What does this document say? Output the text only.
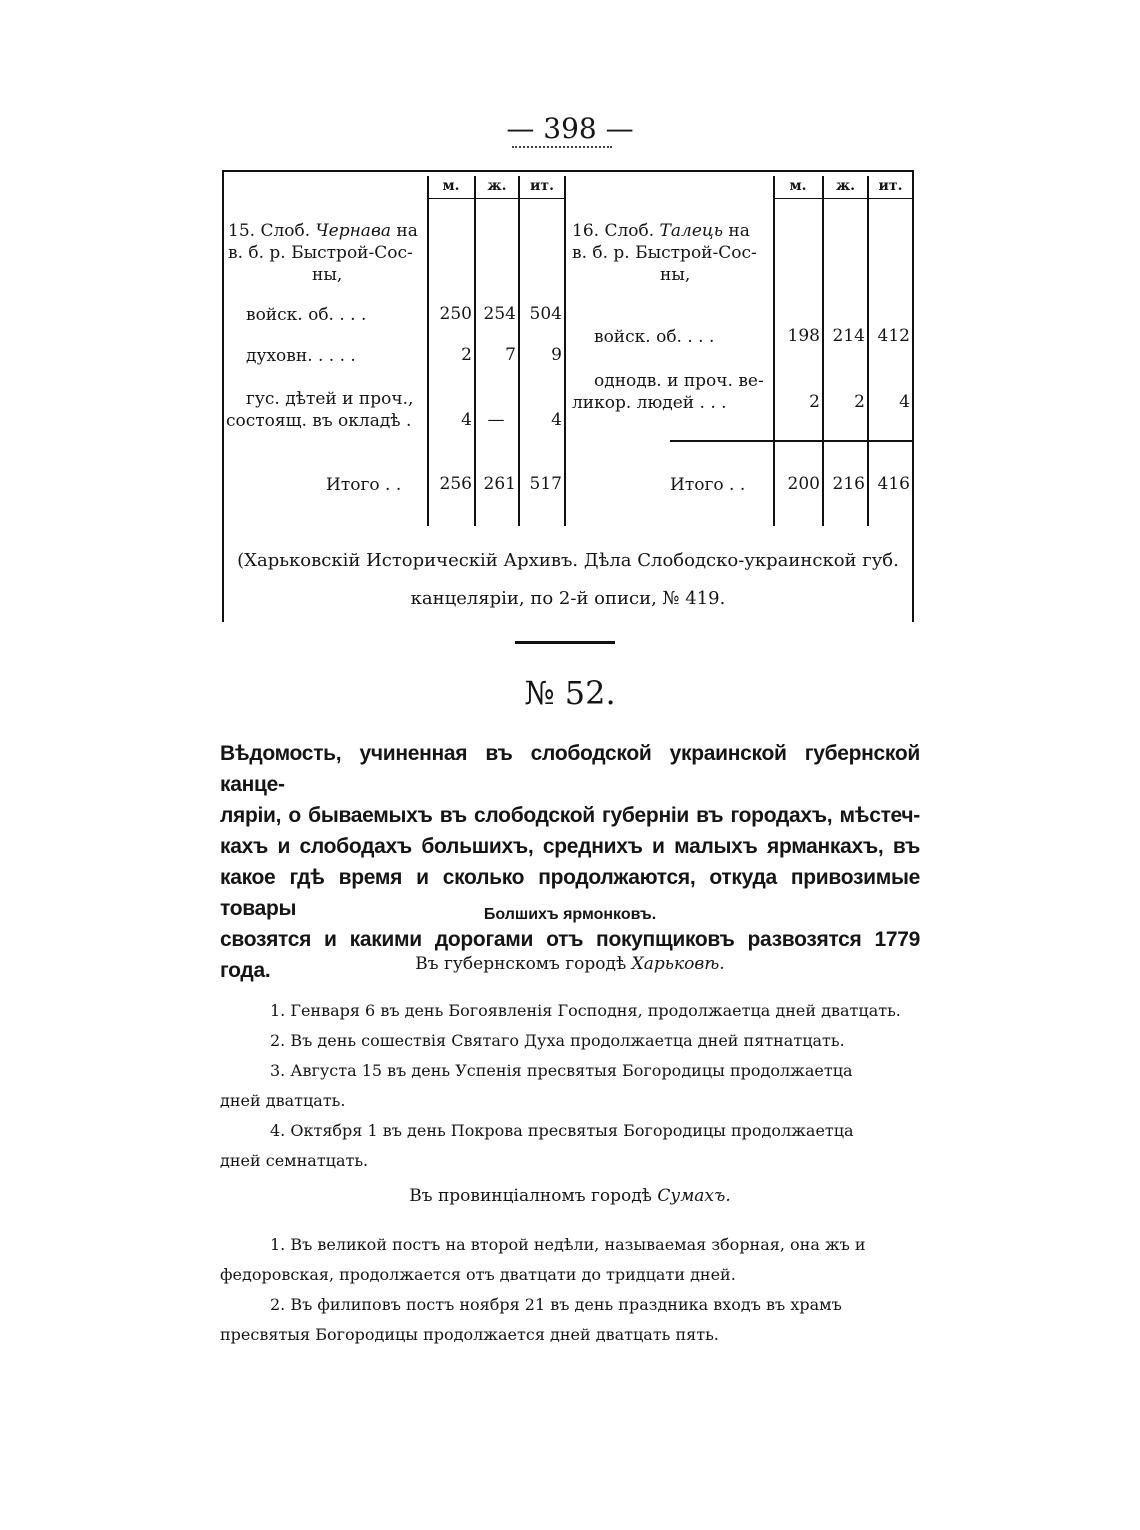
— 398 —
м.	ж.	ит.	м.	ж.	ит.
15. Слоб. Чернава на
в. б. р. Быстрой-Сос-
ны,
войск. об. . . .	250 254 504
духовн. . . . .	2	7	9
гус. дѣтей и проч.,
состоящ. въ окладѣ .	4 —	4
Итого . .	256 261 517
16. Слоб. Талець на
в. б. р. Быстрой-Сос-
ны,
войск. об. . . .	198 214 412
однодв. и проч. ве-
ликор. людей . . .	2	2	4
Итого . .	200 216 416
(Харьковскій Историческій Архивъ. Дѣла Слободско-украинской губ.
канцеляріи, по 2-й описи, № 419.
№ 52.
Вѣдомость, учиненная въ слободской украинской губернской канце-
ляріи, о бываемыхъ въ слободской губерніи въ городахъ, мѣстеч-
кахъ и слободахъ большихъ, среднихъ и малыхъ ярманкахъ, въ
какое гдѣ время и сколько продолжаются, откуда привозимые товары
свозятся и какими дорогами отъ покупщиковъ развозятся 1779 года.
Болшихъ ярмонковъ.
Въ губернскомъ городѣ Харьковѣ.
1. Генваря 6 въ день Богоявленія Господня, продолжаетца дней дватцать.
2. Въ день сошествія Святаго Духа продолжаетца дней пятнатцать.
3. Августа 15 въ день Успенія пресвятыя Богородицы продолжаетца
дней дватцать.
4. Октября 1 въ день Покрова пресвятыя Богородицы продолжаетца
дней семнатцать.
Въ провинціалномъ городѣ Сумахъ.
1. Въ великой постъ на второй недѣли, называемая зборная, она жъ и
федоровская, продолжается отъ дватцати до тридцати дней.
2. Въ филиповъ постъ ноября 21 въ день праздника входъ въ храмъ
пресвятыя Богородицы продолжается дней дватцать пять.
